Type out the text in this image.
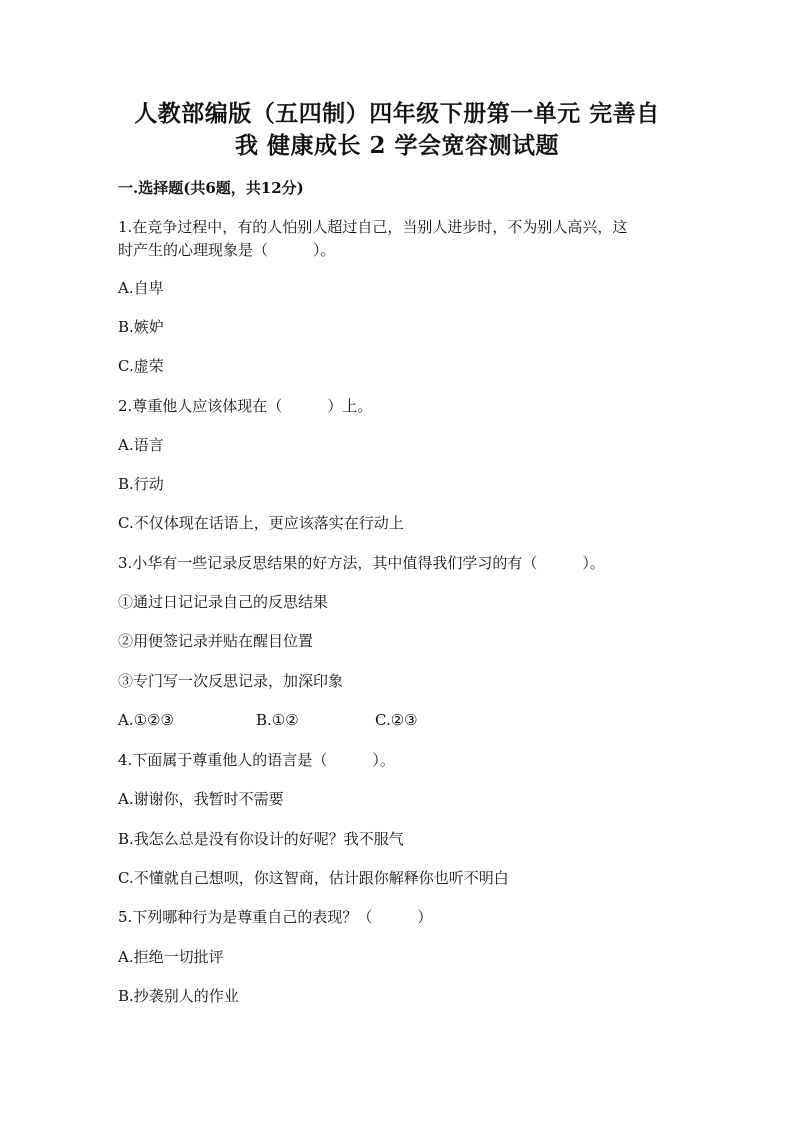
人教部编版（五四制）四年级下册第一单元 完善自
我 健康成长 2 学会宽容测试题
一.选择题(共6题，共12分)
1.在竞争过程中，有的人怕别人超过自己，当别人进步时，不为别人高兴，这
时产生的心理现象是（　　　）。
A.自卑
B.嫉妒
C.虚荣
2.尊重他人应该体现在（　　　）上。
A.语言
B.行动
C.不仅体现在话语上，更应该落实在行动上
3.小华有一些记录反思结果的好方法，其中值得我们学习的有（　　　）。
①通过日记记录自己的反思结果
②用便签记录并贴在醒目位置
③专门写一次反思记录，加深印象
A.①②③	B.①②	C.②③
4.下面属于尊重他人的语言是（　　　）。
A.谢谢你，我暂时不需要
B.我怎么总是没有你设计的好呢？我不服气
C.不懂就自己想呗，你这智商，估计跟你解释你也听不明白
5.下列哪种行为是尊重自己的表现？（　　　）
A.拒绝一切批评
B.抄袭别人的作业
